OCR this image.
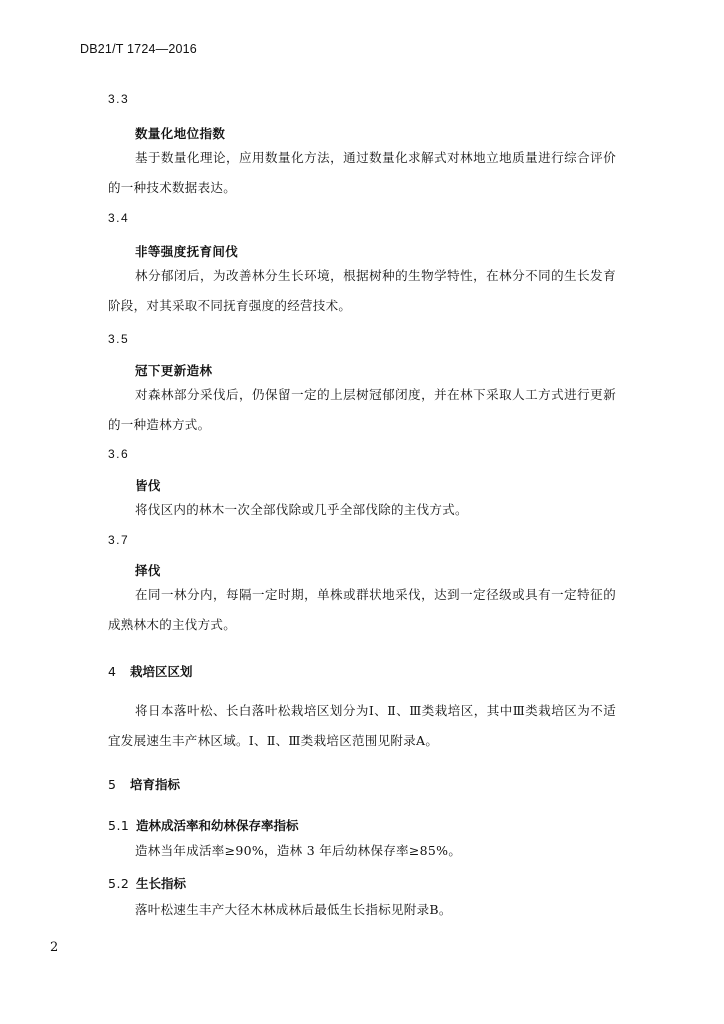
DB21/T 1724—2016
3.3
数量化地位指数
基于数量化理论，应用数量化方法，通过数量化求解式对林地立地质量进行综合评价的一种技术数据表达。
3.4
非等强度抚育间伐
林分郁闭后，为改善林分生长环境，根据树种的生物学特性，在林分不同的生长发育阶段，对其采取不同抚育强度的经营技术。
3.5
冠下更新造林
对森林部分采伐后，仍保留一定的上层树冠郁闭度，并在林下采取人工方式进行更新的一种造林方式。
3.6
皆伐
将伐区内的林木一次全部伐除或几乎全部伐除的主伐方式。
3.7
择伐
在同一林分内，每隔一定时期，单株或群状地采伐，达到一定径级或具有一定特征的成熟林木的主伐方式。
4 栽培区区划
将日本落叶松、长白落叶松栽培区划分为Ⅰ、Ⅱ、Ⅲ类栽培区，其中Ⅲ类栽培区为不适宜发展速生丰产林区域。Ⅰ、Ⅱ、Ⅲ类栽培区范围见附录A。
5 培育指标
5.1 造林成活率和幼林保存率指标
造林当年成活率≥90%，造林 3 年后幼林保存率≥85%。
5.2 生长指标
落叶松速生丰产大径木林成林后最低生长指标见附录B。
2
